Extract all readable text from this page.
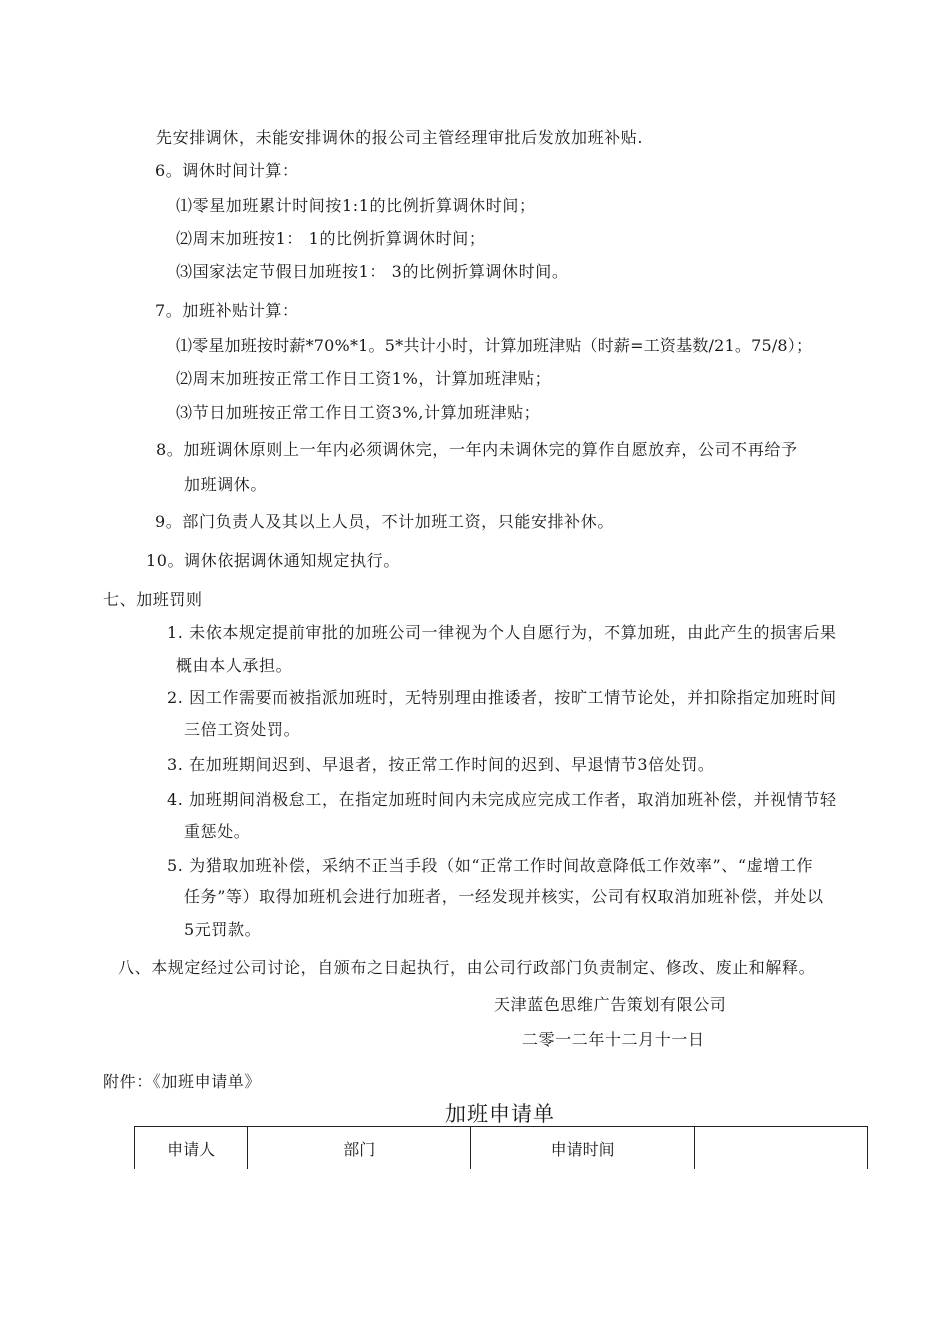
先安排调休，未能安排调休的报公司主管经理审批后发放加班补贴.
6。调休时间计算：
⑴零星加班累计时间按1:1的比例折算调休时间；
⑵周末加班按1： 1的比例折算调休时间；
⑶国家法定节假日加班按1： 3的比例折算调休时间。
7。加班补贴计算：
⑴零星加班按时薪*70%*1。5*共计小时，计算加班津贴（时薪=工资基数/21。75/8）；
⑵周末加班按正常工作日工资1%，计算加班津贴；
⑶节日加班按正常工作日工资3%,计算加班津贴；
8。加班调休原则上一年内必须调休完，一年内未调休完的算作自愿放弃，公司不再给予
加班调休。
9。部门负责人及其以上人员，不计加班工资，只能安排补休。
10。调休依据调休通知规定执行。
七、加班罚则
1. 未依本规定提前审批的加班公司一律视为个人自愿行为，不算加班，由此产生的损害后果
概由本人承担。
2. 因工作需要而被指派加班时，无特别理由推诿者，按旷工情节论处，并扣除指定加班时间
三倍工资处罚。
3. 在加班期间迟到、早退者，按正常工作时间的迟到、早退情节3倍处罚。
4. 加班期间消极怠工，在指定加班时间内未完成应完成工作者，取消加班补偿，并视情节轻
重惩处。
5. 为猎取加班补偿，采纳不正当手段（如“正常工作时间故意降低工作效率”、“虚增工作
任务”等）取得加班机会进行加班者，一经发现并核实，公司有权取消加班补偿，并处以
5元罚款。
八、本规定经过公司讨论，自颁布之日起执行，由公司行政部门负责制定、修改、废止和解释。
天津蓝色思维广告策划有限公司
二零一二年十二月十一日
附件：《加班申请单》
加班申请单
申请人	部门	申请时间	
